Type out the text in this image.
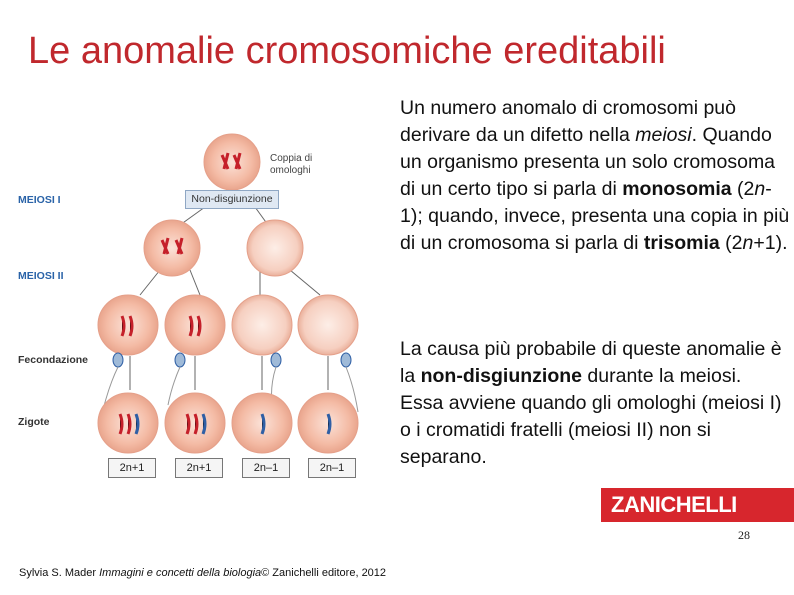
Le anomalie cromosomiche ereditabili
MEIOSI I
MEIOSI II
Fecondazione
Zigote
Coppia di
omologhi
Non-disgiunzione
2n+1	2n+1	2n–1	2n–1

Un numero anomalo di cromosomi può derivare da un difetto nella meiosi. Quando un organismo presenta un solo cromosoma di un certo tipo si parla di monosomia (2n-1); quando, invece, presenta una copia in più di un cromosoma si parla di trisomia (2n+1).

La causa più probabile di queste anomalie è la non-disgiunzione durante la meiosi. Essa avviene quando gli omologhi (meiosi I) o i cromatidi fratelli (meiosi II) non si separano.

ZANICHELLI
28
Sylvia S. Mader Immagini e concetti della biologia© Zanichelli editore, 2012
